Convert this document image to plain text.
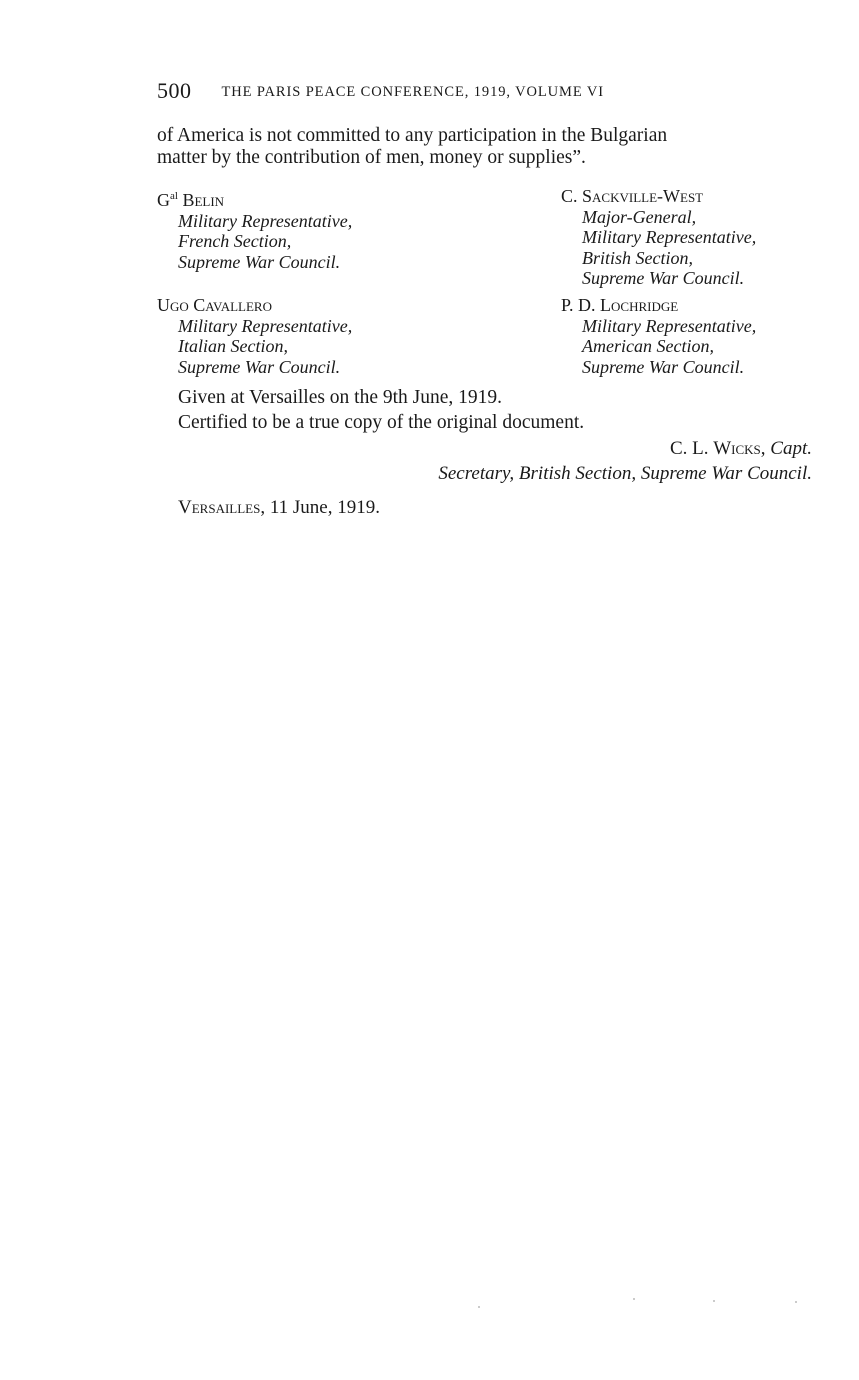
500 THE PARIS PEACE CONFERENCE, 1919, VOLUME VI
of America is not committed to any participation in the Bulgarian
matter by the contribution of men, money or supplies”.
$G^{al}$ Belin
Military Representative,
French Section,
Supreme War Council.
C. Sackville-West
Major-General,
Military Representative,
British Section,
Supreme War Council.
Ugo Cavallero
Military Representative,
Italian Section,
Supreme War Council.
P. D. Lochridge
Military Representative,
American Section,
Supreme War Council.
Given at Versailles on the 9th June, 1919.
Certified to be a true copy of the original document.
C. L. Wicks, Capt.
Secretary, British Section, Supreme War Council.
Versailles, 11 June, 1919.
